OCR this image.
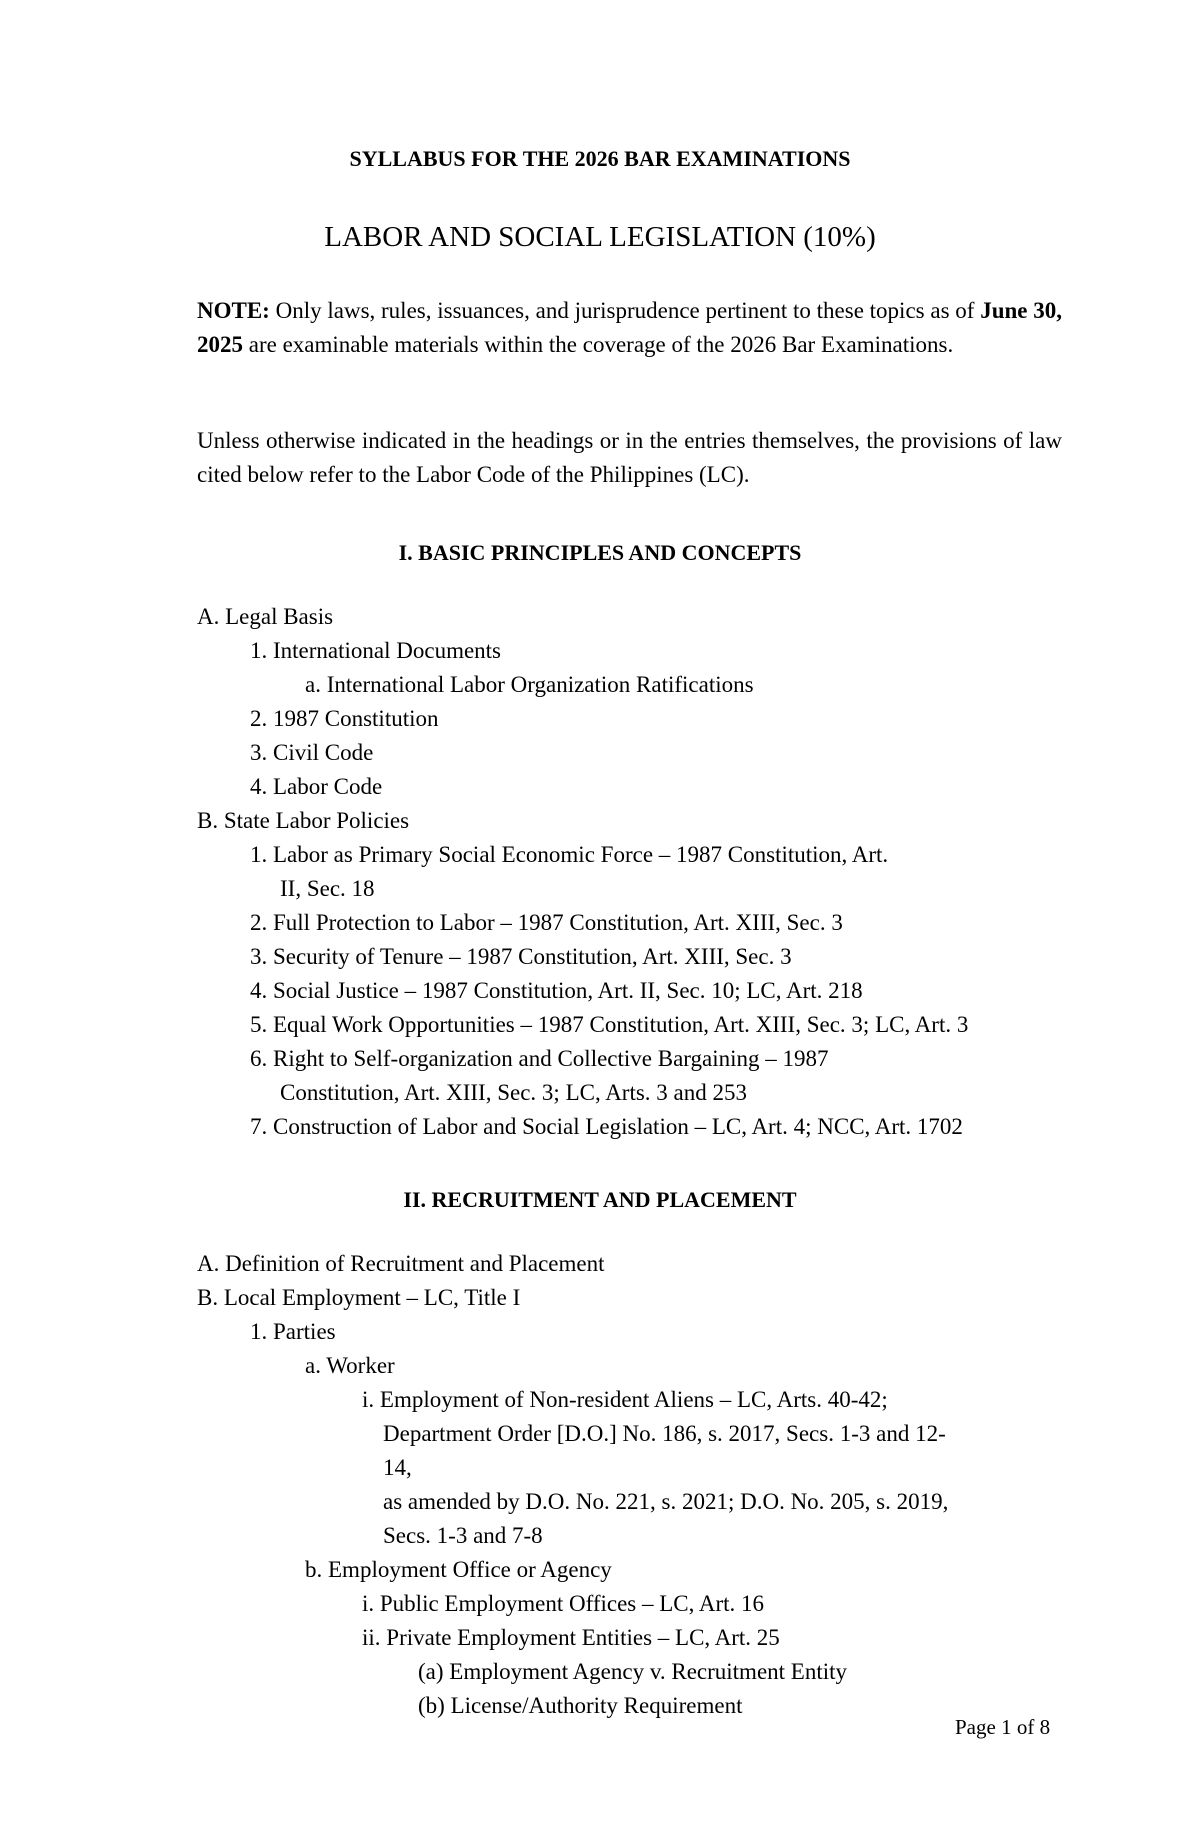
SYLLABUS FOR THE 2026 BAR EXAMINATIONS
LABOR AND SOCIAL LEGISLATION (10%)
NOTE: Only laws, rules, issuances, and jurisprudence pertinent to these topics as of June 30, 2025 are examinable materials within the coverage of the 2026 Bar Examinations.
Unless otherwise indicated in the headings or in the entries themselves, the provisions of law cited below refer to the Labor Code of the Philippines (LC).
I. BASIC PRINCIPLES AND CONCEPTS
A. Legal Basis
1. International Documents
a. International Labor Organization Ratifications
2. 1987 Constitution
3. Civil Code
4. Labor Code
B. State Labor Policies
1. Labor as Primary Social Economic Force – 1987 Constitution, Art.
II, Sec. 18
2. Full Protection to Labor – 1987 Constitution, Art. XIII, Sec. 3
3. Security of Tenure – 1987 Constitution, Art. XIII, Sec. 3
4. Social Justice – 1987 Constitution, Art. II, Sec. 10; LC, Art. 218
5. Equal Work Opportunities – 1987 Constitution, Art. XIII, Sec. 3; LC, Art. 3
6. Right to Self-organization and Collective Bargaining – 1987
Constitution, Art. XIII, Sec. 3; LC, Arts. 3 and 253
7. Construction of Labor and Social Legislation – LC, Art. 4; NCC, Art. 1702
II. RECRUITMENT AND PLACEMENT
A. Definition of Recruitment and Placement
B. Local Employment – LC, Title I
1. Parties
a. Worker
i. Employment of Non-resident Aliens – LC, Arts. 40-42;
Department Order [D.O.] No. 186, s. 2017, Secs. 1-3 and 12-
14,
as amended by D.O. No. 221, s. 2021; D.O. No. 205, s. 2019,
Secs. 1-3 and 7-8
b. Employment Office or Agency
i. Public Employment Offices – LC, Art. 16
ii. Private Employment Entities – LC, Art. 25
(a) Employment Agency v. Recruitment Entity
(b) License/Authority Requirement
Page 1 of 8
